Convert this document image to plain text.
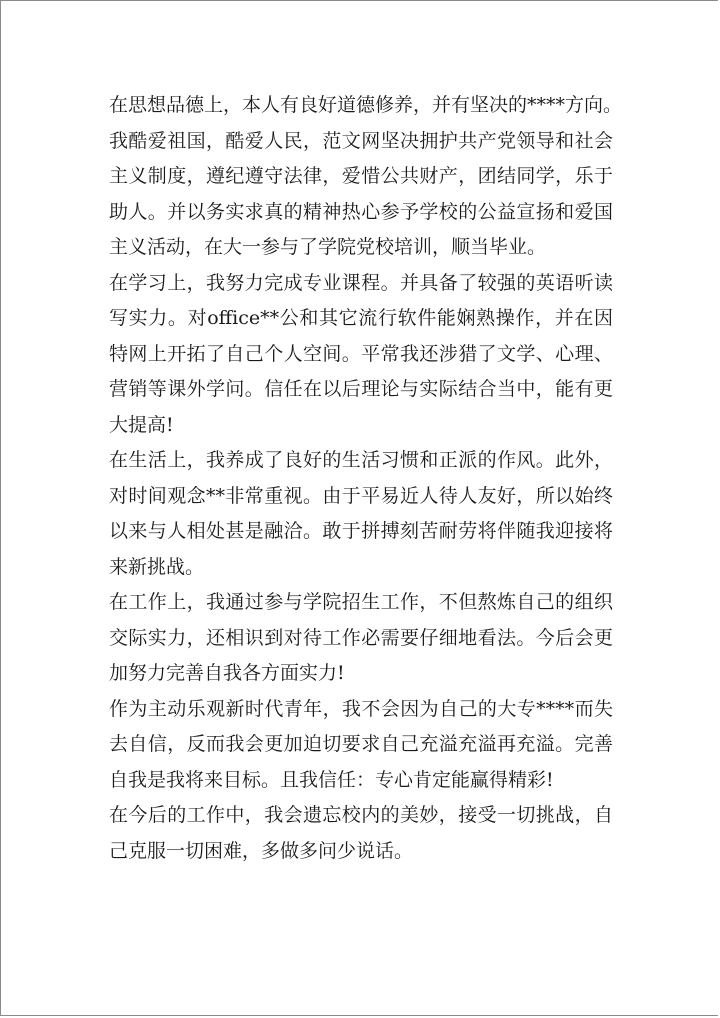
在思想品德上，本人有良好道德修养，并有坚决的****方向。
我酷爱祖国，酷爱人民，范文网坚决拥护共产党领导和社会
主义制度，遵纪遵守法律，爱惜公共财产，团结同学，乐于
助人。并以务实求真的精神热心参予学校的公益宣扬和爱国
主义活动，在大一参与了学院党校培训，顺当毕业。

在学习上，我努力完成专业课程。并具备了较强的英语听读
写实力。对office**公和其它流行软件能娴熟操作，并在因
特网上开拓了自己个人空间。平常我还涉猎了文学、心理、
营销等课外学问。信任在以后理论与实际结合当中，能有更
大提高!

在生活上，我养成了良好的生活习惯和正派的作风。此外，
对时间观念**非常重视。由于平易近人待人友好，所以始终
以来与人相处甚是融洽。敢于拼搏刻苦耐劳将伴随我迎接将
来新挑战。

在工作上，我通过参与学院招生工作，不但熬炼自己的组织
交际实力，还相识到对待工作必需要仔细地看法。今后会更
加努力完善自我各方面实力!

作为主动乐观新时代青年，我不会因为自己的大专****而失
去自信，反而我会更加迫切要求自己充溢充溢再充溢。完善
自我是我将来目标。且我信任：专心肯定能赢得精彩!

在今后的工作中，我会遗忘校内的美妙，接受一切挑战，自
己克服一切困难，多做多问少说话。
